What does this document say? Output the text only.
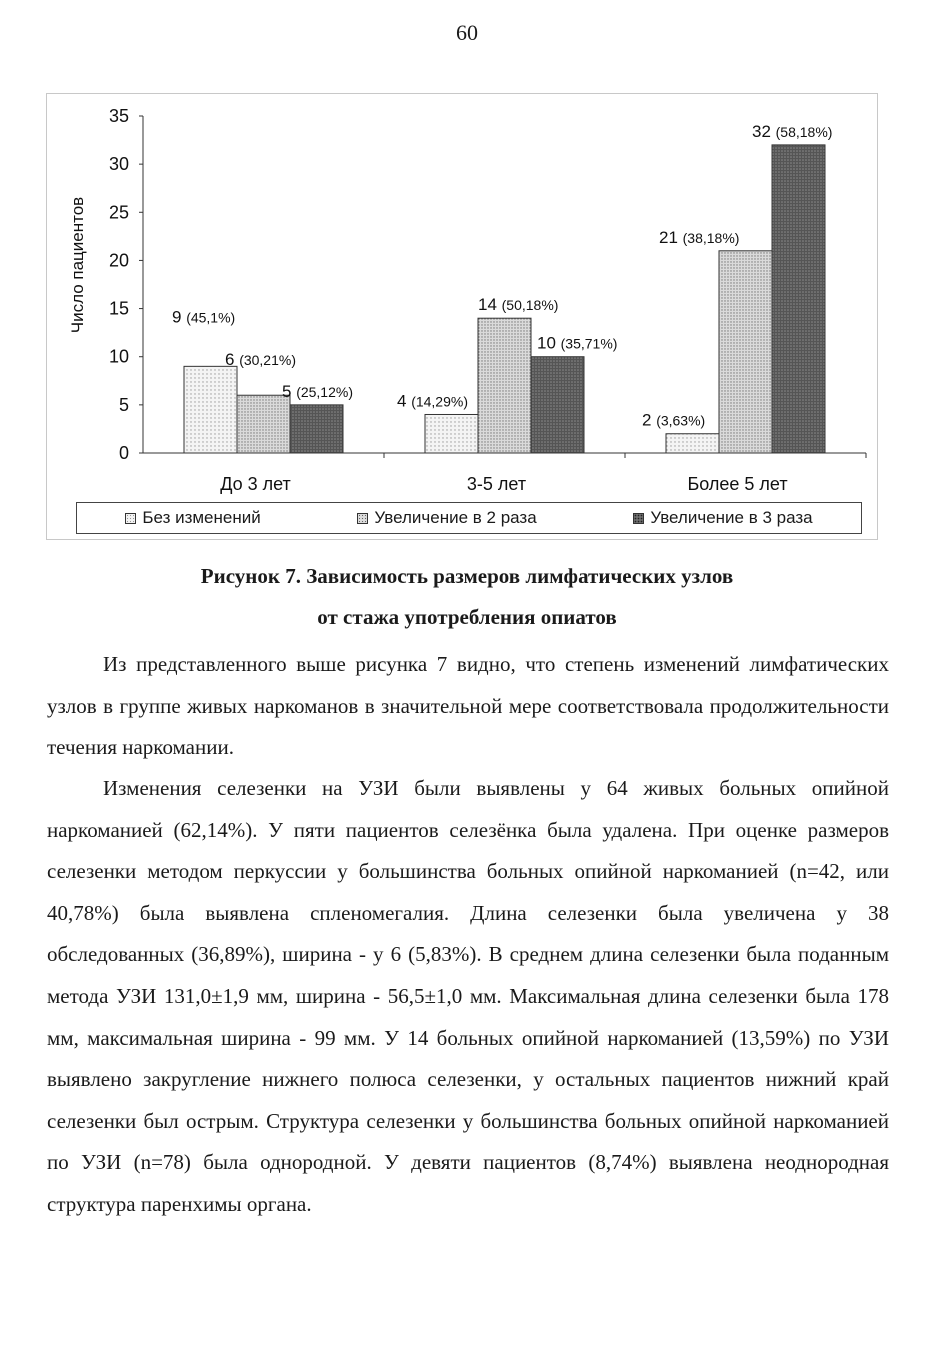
60
0
5
10
15
20
25
30
35
9 (45,1%)
6 (30,21%)
5 (25,12%)	4 (14,29%)
14 (50,18%)
10 (35,71%)
2 (3,63%)
21 (38,18%)
32 (58,18%)
До 3 лет	3-5 лет	Более 5 лет
Число пациентов
Без изменений	Увеличение в 2 раза	Увеличение в 3 раза
Рисунок 7. Зависимость размеров лимфатических узлов
от стажа употребления опиатов
Из представленного выше рисунка 7 видно, что степень изменений лимфатических узлов в группе живых наркоманов в значительной мере соответствовала продолжительности течения наркомании.
Изменения селезенки на УЗИ были выявлены у 64 живых больных опийной наркоманией (62,14%). У пяти пациентов селезёнка была удалена. При оценке размеров селезенки методом перкуссии у большинства больных опийной наркоманией (n=42, или 40,78%) была выявлена спленомегалия. Длина селезенки была увеличена у 38 обследованных (36,89%), ширина - у 6 (5,83%). В среднем длина селезенки была поданным метода УЗИ 131,0±1,9 мм, ширина - 56,5±1,0 мм. Максимальная длина селезенки была 178 мм, максимальная ширина - 99 мм. У 14 больных опийной наркоманией (13,59%) по УЗИ выявлено закругление нижнего полюса селезенки, у остальных пациентов нижний край селезенки был острым. Структура селезенки у большинства больных опийной наркоманией по УЗИ (n=78) была однородной. У девяти пациентов (8,74%) выявлена неоднородная структура паренхимы органа.
